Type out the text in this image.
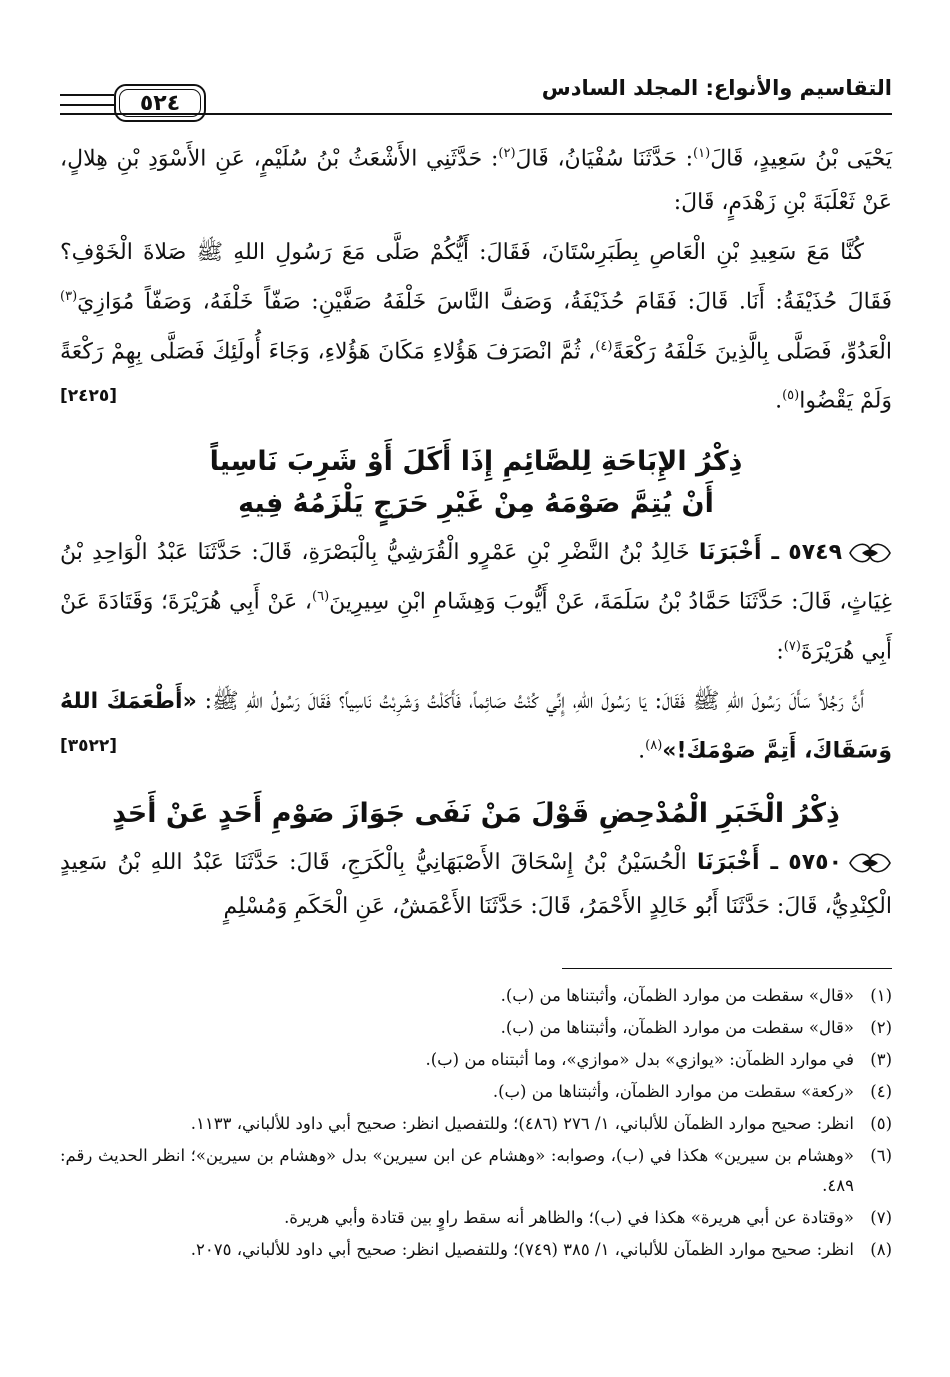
التقاسيم والأنواع: المجلد السادس
٥٢٤

يَحْيَى بْنُ سَعِيدٍ، قَالَ$^{(١)}$: حَدَّثَنَا سُفْيَانُ، قَالَ$^{(٢)}$: حَدَّثَنِي الأَشْعَثُ بْنُ سُلَيْمٍ، عَنِ الأَسْوَدِ بْنِ هِلالٍ، عَنْ ثَعْلَبَةَ بْنِ زَهْدَمٍ، قَالَ:

كُنَّا مَعَ سَعِيدِ بْنِ الْعَاصِ بِطَبَرِسْتَانَ، فَقَالَ: أَيُّكُمْ صَلَّى مَعَ رَسُولِ اللهِ ﷺ صَلاةَ الْخَوْفِ؟ فَقَالَ حُذَيْفَةُ: أَنَا. قَالَ: فَقَامَ حُذَيْفَةُ، وَصَفَّ النَّاسَ خَلْفَهُ صَفَّيْنِ: صَفّاً خَلْفَهُ، وَصَفّاً مُوَازِيَ$^{(٣)}$ الْعَدُوِّ، فَصَلَّى بِالَّذِينَ خَلْفَهُ رَكْعَةً$^{(٤)}$، ثُمَّ انْصَرَفَ هَؤُلاءِ مَكَانَ هَؤُلاءِ، وَجَاءَ أُولَئِكَ فَصَلَّى بِهِمْ رَكْعَةً وَلَمْ يَقْضُوا$^{(٥)}$.
[٢٤٢٥]

ذِكْرُ الإِبَاحَةِ لِلصَّائِمِ إِذَا أَكَلَ أَوْ شَرِبَ نَاسِياً
أَنْ يُتِمَّ صَوْمَهُ مِنْ غَيْرِ حَرَجٍ يَلْزَمُهُ فِيهِ

٥٧٤٩ ـ أَخْبَرَنَا خَالِدُ بْنُ النَّضْرِ بْنِ عَمْرٍو الْقُرَشِيُّ بِالْبَصْرَةِ، قَالَ: حَدَّثَنَا عَبْدُ الْوَاحِدِ بْنُ غِيَاثٍ، قَالَ: حَدَّثَنَا حَمَّادُ بْنُ سَلَمَةَ، عَنْ أَيُّوبَ وَهِشَامِ ابْنِ سِيرِينَ$^{(٦)}$، عَنْ أَبِي هُرَيْرَةَ؛ وَقَتَادَةَ عَنْ أَبِي هُرَيْرَةَ$^{(٧)}$:

أَنَّ رَجُلاً سَأَلَ رَسُولَ اللهِ ﷺ فَقَالَ: يَا رَسُولَ اللهِ، إِنِّي كُنْتُ صَائِماً، فَأَكَلْتُ وَشَرِبْتُ نَاسِياً؟ فَقَالَ رَسُولُ اللهِ ﷺ: «أَطْعَمَكَ اللهُ وَسَقَاكَ، أَتِمَّ صَوْمَكَ!»$^{(٨)}$.
[٣٥٢٢]

ذِكْرُ الْخَبَرِ الْمُدْحِضِ قَوْلَ مَنْ نَفَى جَوَازَ صَوْمِ أَحَدٍ عَنْ أَحَدٍ

٥٧٥٠ ـ أَخْبَرَنَا الْحُسَيْنُ بْنُ إِسْحَاقَ الأَصْبَهَانِيُّ بِالْكَرَجِ، قَالَ: حَدَّثَنَا عَبْدُ اللهِ بْنُ سَعِيدٍ الْكِنْدِيُّ، قَالَ: حَدَّثَنَا أَبُو خَالِدٍ الأَحْمَرُ، قَالَ: حَدَّثَنَا الأَعْمَشُ، عَنِ الْحَكَمِ وَمُسْلِمٍ

(١)
«قال» سقطت من موارد الظمآن، وأثبتناها من (ب).
(٢)
«قال» سقطت من موارد الظمآن، وأثبتناها من (ب).
(٣)
في موارد الظمآن: «يوازي» بدل «موازي»، وما أثبتناه من (ب).
(٤)
«ركعة» سقطت من موارد الظمآن، وأثبتناها من (ب).
(٥)
انظر: صحيح موارد الظمآن للألباني، ١/ ٢٧٦ (٤٨٦)؛ وللتفصيل انظر: صحيح أبي داود للألباني، ١١٣٣.
(٦)
«وهشام بن سيرين» هكذا في (ب)، وصوابه: «وهشام عن ابن سيرين» بدل «وهشام بن سيرين»؛ انظر الحديث رقم: ٤٨٩.
(٧)
«وقتادة عن أبي هريرة» هكذا في (ب)؛ والظاهر أنه سقط راوٍ بين قتادة وأبي هريرة.
(٨)
انظر: صحيح موارد الظمآن للألباني، ١/ ٣٨٥ (٧٤٩)؛ وللتفصيل انظر: صحيح أبي داود للألباني، ٢٠٧٥.
